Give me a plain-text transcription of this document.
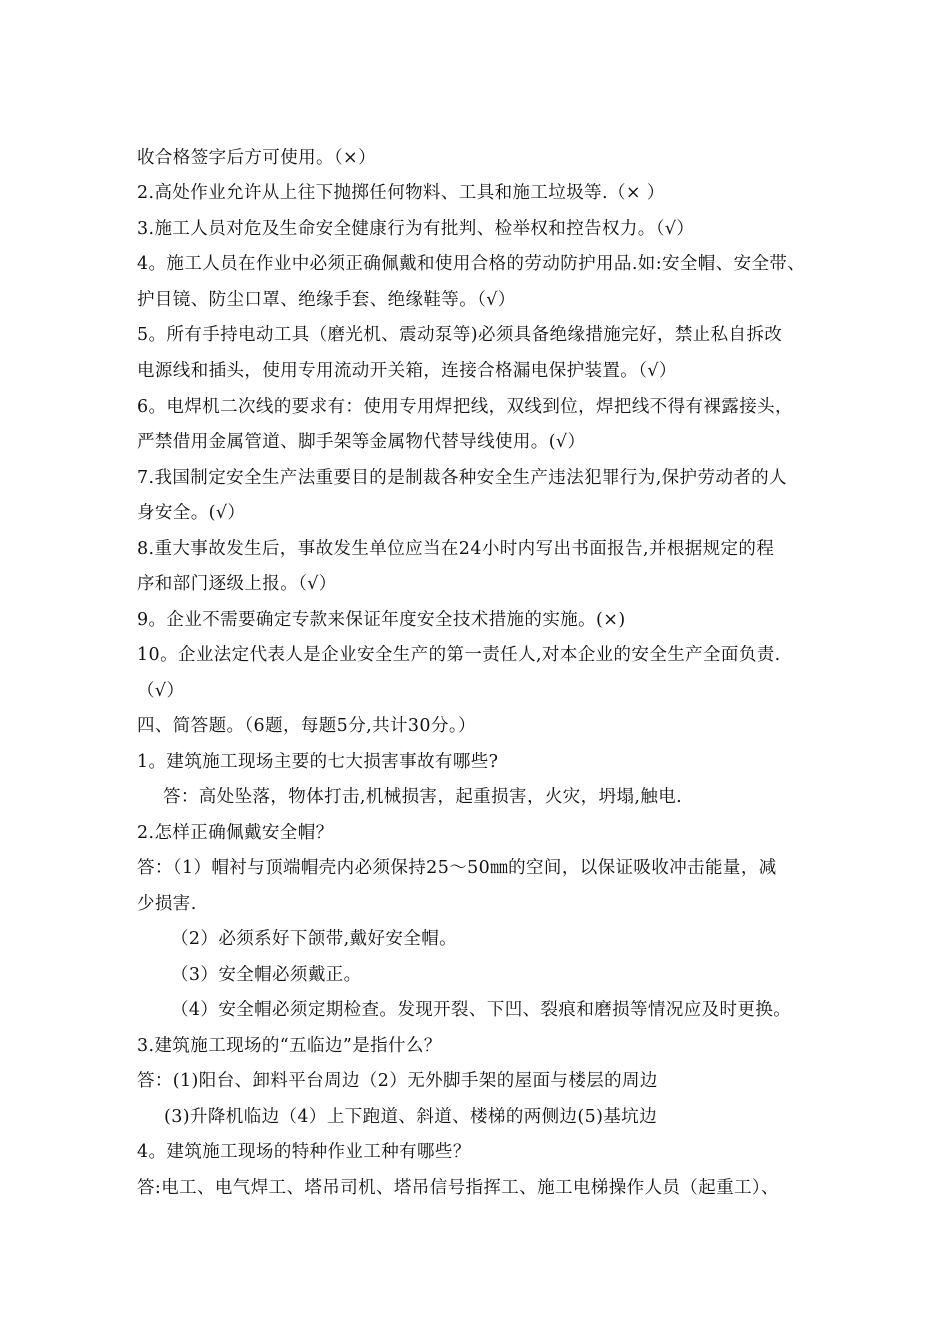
收合格签字后方可使用。（×）
2.高处作业允许从上往下抛掷任何物料、工具和施工垃圾等.（× ）
3.施工人员对危及生命安全健康行为有批判、检举权和控告权力。（√）
4。施工人员在作业中必须正确佩戴和使用合格的劳动防护用品.如:安全帽、安全带、
护目镜、防尘口罩、绝缘手套、绝缘鞋等。（√）
5。所有手持电动工具（磨光机、震动泵等)必须具备绝缘措施完好，禁止私自拆改
电源线和插头，使用专用流动开关箱，连接合格漏电保护装置。（√）
6。电焊机二次线的要求有：使用专用焊把线，双线到位，焊把线不得有裸露接头，
严禁借用金属管道、脚手架等金属物代替导线使用。(√）
7.我国制定安全生产法重要目的是制裁各种安全生产违法犯罪行为,保护劳动者的人
身安全。(√）
8.重大事故发生后，事故发生单位应当在24小时内写出书面报告,并根据规定的程
序和部门逐级上报。（√）
9。企业不需要确定专款来保证年度安全技术措施的实施。(×)
10。企业法定代表人是企业安全生产的第一责任人,对本企业的安全生产全面负责.
（√）
四、简答题。（6题，每题5分,共计30分。）
1。建筑施工现场主要的七大损害事故有哪些?
答：高处坠落，物体打击,机械损害，起重损害，火灾，坍塌,触电.
2.怎样正确佩戴安全帽？
答：（1）帽衬与顶端帽壳内必须保持25～50㎜的空间，以保证吸收冲击能量，减
少损害.
（2）必须系好下颌带,戴好安全帽。
（3）安全帽必须戴正。
（4）安全帽必须定期检查。发现开裂、下凹、裂痕和磨损等情况应及时更换。
3.建筑施工现场的“五临边”是指什么？
答：(1)阳台、卸料平台周边（2）无外脚手架的屋面与楼层的周边
(3)升降机临边（4）上下跑道、斜道、楼梯的两侧边(5)基坑边
4。建筑施工现场的特种作业工种有哪些？
答:电工、电气焊工、塔吊司机、塔吊信号指挥工、施工电梯操作人员（起重工）、
